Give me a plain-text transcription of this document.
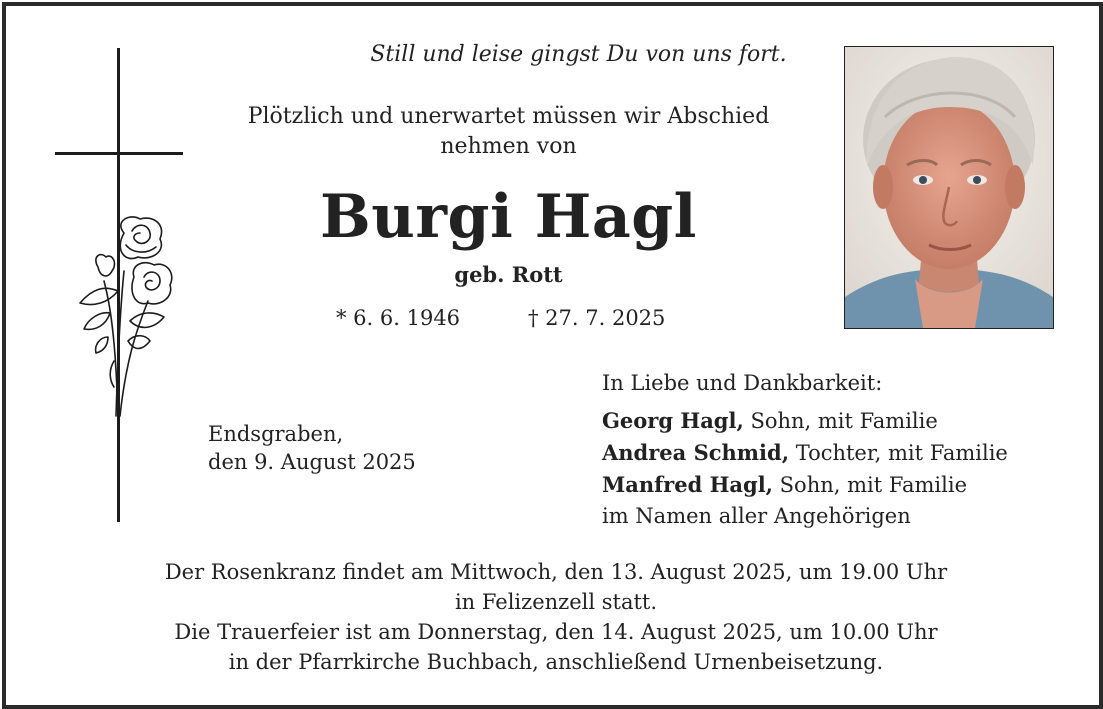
Still und leise gingst Du von uns fort.
Plötzlich und unerwartet müssen wir Abschied
nehmen von
Burgi Hagl
geb. Rott
* 6. 6. 1946	† 27. 7. 2025
Endsgraben,
den 9. August 2025
In Liebe und Dankbarkeit:
Georg Hagl, Sohn, mit Familie
Andrea Schmid, Tochter, mit Familie
Manfred Hagl, Sohn, mit Familie
im Namen aller Angehörigen
Der Rosenkranz findet am Mittwoch, den 13. August 2025, um 19.00 Uhr
in Felizenzell statt.
Die Trauerfeier ist am Donnerstag, den 14. August 2025, um 10.00 Uhr
in der Pfarrkirche Buchbach, anschließend Urnenbeisetzung.
